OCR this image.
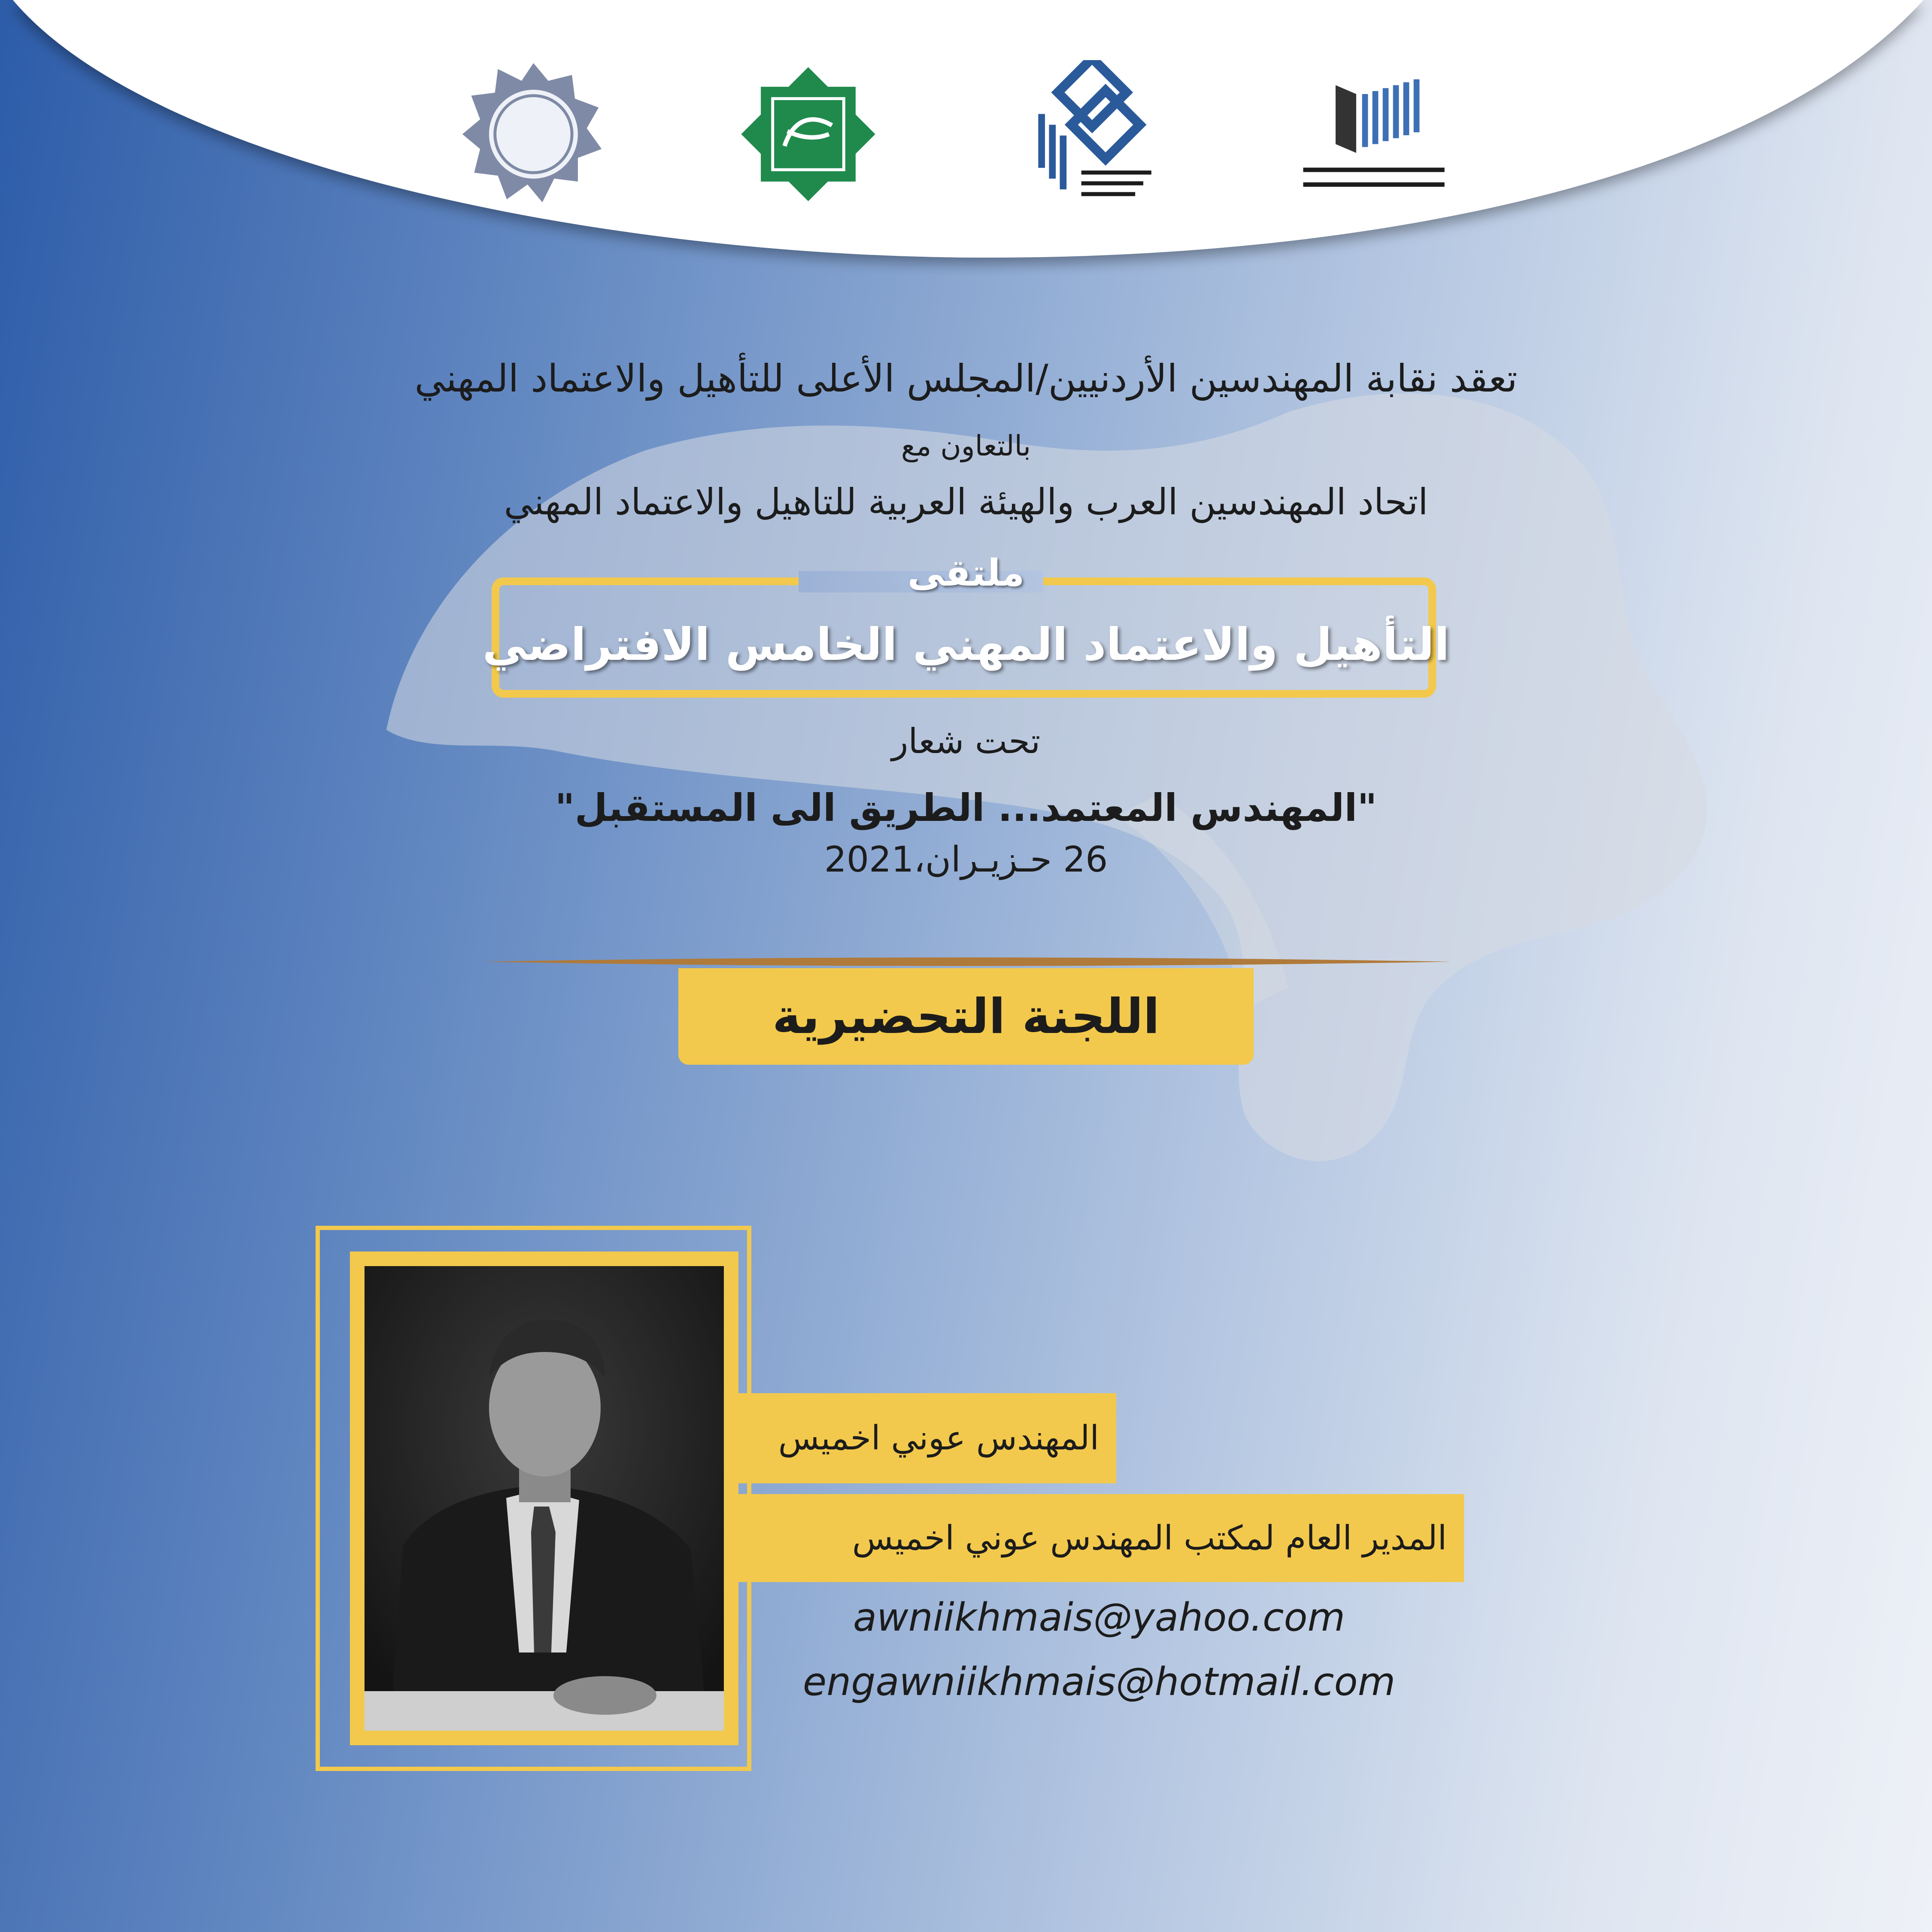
تعقد نقابة المهندسين الأردنيين/المجلس الأعلى للتأهيل والاعتماد المهني
بالتعاون مع
اتحاد المهندسين العرب والهيئة العربية للتاهيل والاعتماد المهني
ملتقى
التأهيل والاعتماد المهني الخامس الافتراضي
تحت شعار
"المهندس المعتمد... الطريق الى المستقبل"
26 حـزيـران،2021
اللجنة التحضيرية
المهندس عوني اخميس
المدير العام لمكتب المهندس عوني اخميس
awniikhmais@yahoo.com
engawniikhmais@hotmail.com
